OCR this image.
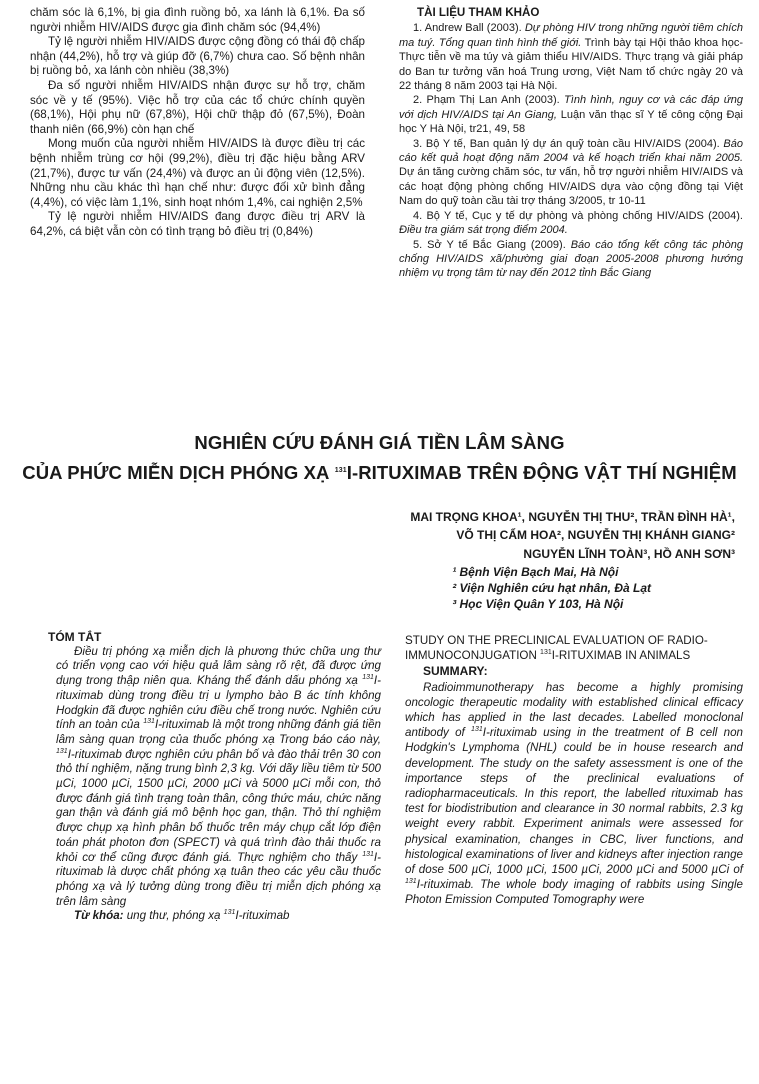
chăm sóc là 6,1%, bị gia đình ruồng bỏ, xa lánh là 6,1%. Đa số người nhiễm HIV/AIDS được gia đình chăm sóc (94,4%)

Tỷ lệ người nhiễm HIV/AIDS được cộng đồng có thái độ chấp nhận (44,2%), hỗ trợ và giúp đỡ (6,7%) chưa cao. Số bệnh nhân bị ruồng bỏ, xa lánh còn nhiều (38,3%)

Đa số người nhiễm HIV/AIDS nhận được sự hỗ trợ, chăm sóc về y tế (95%). Việc hỗ trợ của các tổ chức chính quyền (68,1%), Hội phụ nữ (67,8%), Hội chữ thập đỏ (67,5%), Đoàn thanh niên (66,9%) còn hạn chế

Mong muốn của người nhiễm HIV/AIDS là được điều trị các bệnh nhiễm trùng cơ hội (99,2%), điều trị đặc hiệu bằng ARV (21,7%), được tư vấn (24,4%) và được an ủi động viên (12,5%). Những nhu cầu khác thì hạn chế như: được đối xử bình đẳng (4,4%), có việc làm 1,1%, sinh hoạt nhóm 1,4%, cai nghiện 2,5%

Tỷ lệ người nhiễm HIV/AIDS đang được điều trị ARV là 64,2%, cá biệt vẫn còn có tình trạng bỏ điều trị (0,84%)

TÀI LIỆU THAM KHẢO

1. Andrew Ball (2003). Dự phòng HIV trong những người tiêm chích ma tuý. Tổng quan tình hình thế giới. Trình bày tại Hội thảo khoa học-Thực tiễn về ma túy và giảm thiểu HIV/AIDS. Thực trạng và giải pháp do Ban tư tưởng văn hoá Trung ương, Việt Nam tổ chức ngày 20 và 22 tháng 8 năm 2003 tại Hà Nội.

2. Phạm Thị Lan Anh (2003). Tình hình, nguy cơ và các đáp ứng với dịch HIV/AIDS tại An Giang, Luận văn thạc sĩ Y tế công cộng Đại học Y Hà Nội, tr21, 49, 58

3. Bộ Y tế, Ban quản lý dự án quỹ toàn cầu HIV/AIDS (2004). Báo cáo kết quả hoạt động năm 2004 và kế hoạch triển khai năm 2005. Dự án tăng cường chăm sóc, tư vấn, hỗ trợ người nhiễm HIV/AIDS và các hoạt động phòng chống HIV/AIDS dựa vào cộng đồng tại Việt Nam do quỹ toàn cầu tài trợ tháng 3/2005, tr 10-11

4. Bộ Y tế, Cục y tế dự phòng và phòng chống HIV/AIDS (2004). Điều tra giám sát trọng điểm 2004.

5. Sở Y tế Bắc Giang (2009). Báo cáo tổng kết công tác phòng chống HIV/AIDS xã/phường giai đoạn 2005-2008 phương hướng nhiệm vụ trọng tâm từ nay đến 2012 tỉnh Bắc Giang

NGHIÊN CỨU ĐÁNH GIÁ TIỀN LÂM SÀNG
CỦA PHỨC MIỄN DỊCH PHÓNG XẠ $^{131}$I-RITUXIMAB TRÊN ĐỘNG VẬT THÍ NGHIỆM
MAI TRỌNG KHOA¹, NGUYỄN THỊ THU², TRẦN ĐÌNH HÀ¹,
VÕ THỊ CẨM HOA², NGUYỄN THỊ KHÁNH GIANG²
NGUYỄN LĨNH TOÀN³, HỒ ANH SƠN³
¹ Bệnh Viện Bạch Mai, Hà Nội
² Viện Nghiên cứu hạt nhân, Đà Lạt
³ Học Viện Quân Y 103, Hà Nội

TÓM TẮT

Điều trị phóng xạ miễn dịch là phương thức chữa ung thư có triển vọng cao với hiệu quả lâm sàng rõ rệt, đã được ứng dụng trong thập niên qua. Kháng thể đánh dấu phóng xạ $^{131}$I-rituximab dùng trong điều trị u lympho bào B ác tính không Hodgkin đã được nghiên cứu điều chế trong nước. Nghiên cứu tính an toàn của $^{131}$I-rituximab là một trong những đánh giá tiền lâm sàng quan trọng của thuốc phóng xạ Trong báo cáo này, $^{131}$I-rituximab được nghiên cứu phân bố và đào thải trên 30 con thỏ thí nghiệm, nặng trung bình 2,3 kg. Với dãy liều tiêm từ 500 µCi, 1000 µCi, 1500 µCi, 2000 µCi và 5000 µCi mỗi con, thỏ được đánh giá tình trạng toàn thân, công thức máu, chức năng gan thận và đánh giá mô bệnh học gan, thận. Thỏ thí nghiệm được chụp xạ hình phân bố thuốc trên máy chụp cắt lớp điện toán phát photon đơn (SPECT) và quá trình đào thải thuốc ra khỏi cơ thể cũng được đánh giá. Thực nghiệm cho thấy $^{131}$I-rituximab là dược chất phóng xạ tuân theo các yêu cầu thuốc phóng xạ và lý tưởng dùng trong điều trị miễn dịch phóng xạ trên lâm sàng

Từ khóa: ung thư, phóng xạ $^{131}$I-rituximab

STUDY ON THE PRECLINICAL EVALUATION OF RADIO-IMMUNOCONJUGATION $^{131}$I-RITUXIMAB IN ANIMALS

SUMMARY:

Radioimmunotherapy has become a highly promising oncologic therapeutic modality with established clinical efficacy which has applied in the last decades. Labelled monoclonal antibody of $^{131}$I-rituximab using in the treatment of B cell non Hodgkin's Lymphoma (NHL) could be in house research and development. The study on the safety assessment is one of the importance steps of the preclinical evaluations of radiopharmaceuticals. In this report, the labelled rituximab has test for biodistribution and clearance in 30 normal rabbits, 2.3 kg weight every rabbit. Experiment animals were assessed for physical examination, changes in CBC, liver functions, and histological examinations of liver and kidneys after injection range of dose 500 µCi, 1000 µCi, 1500 µCi, 2000 µCi and 5000 µCi of $^{131}$I-rituximab. The whole body imaging of rabbits using Single Photon Emission Computed Tomography were
